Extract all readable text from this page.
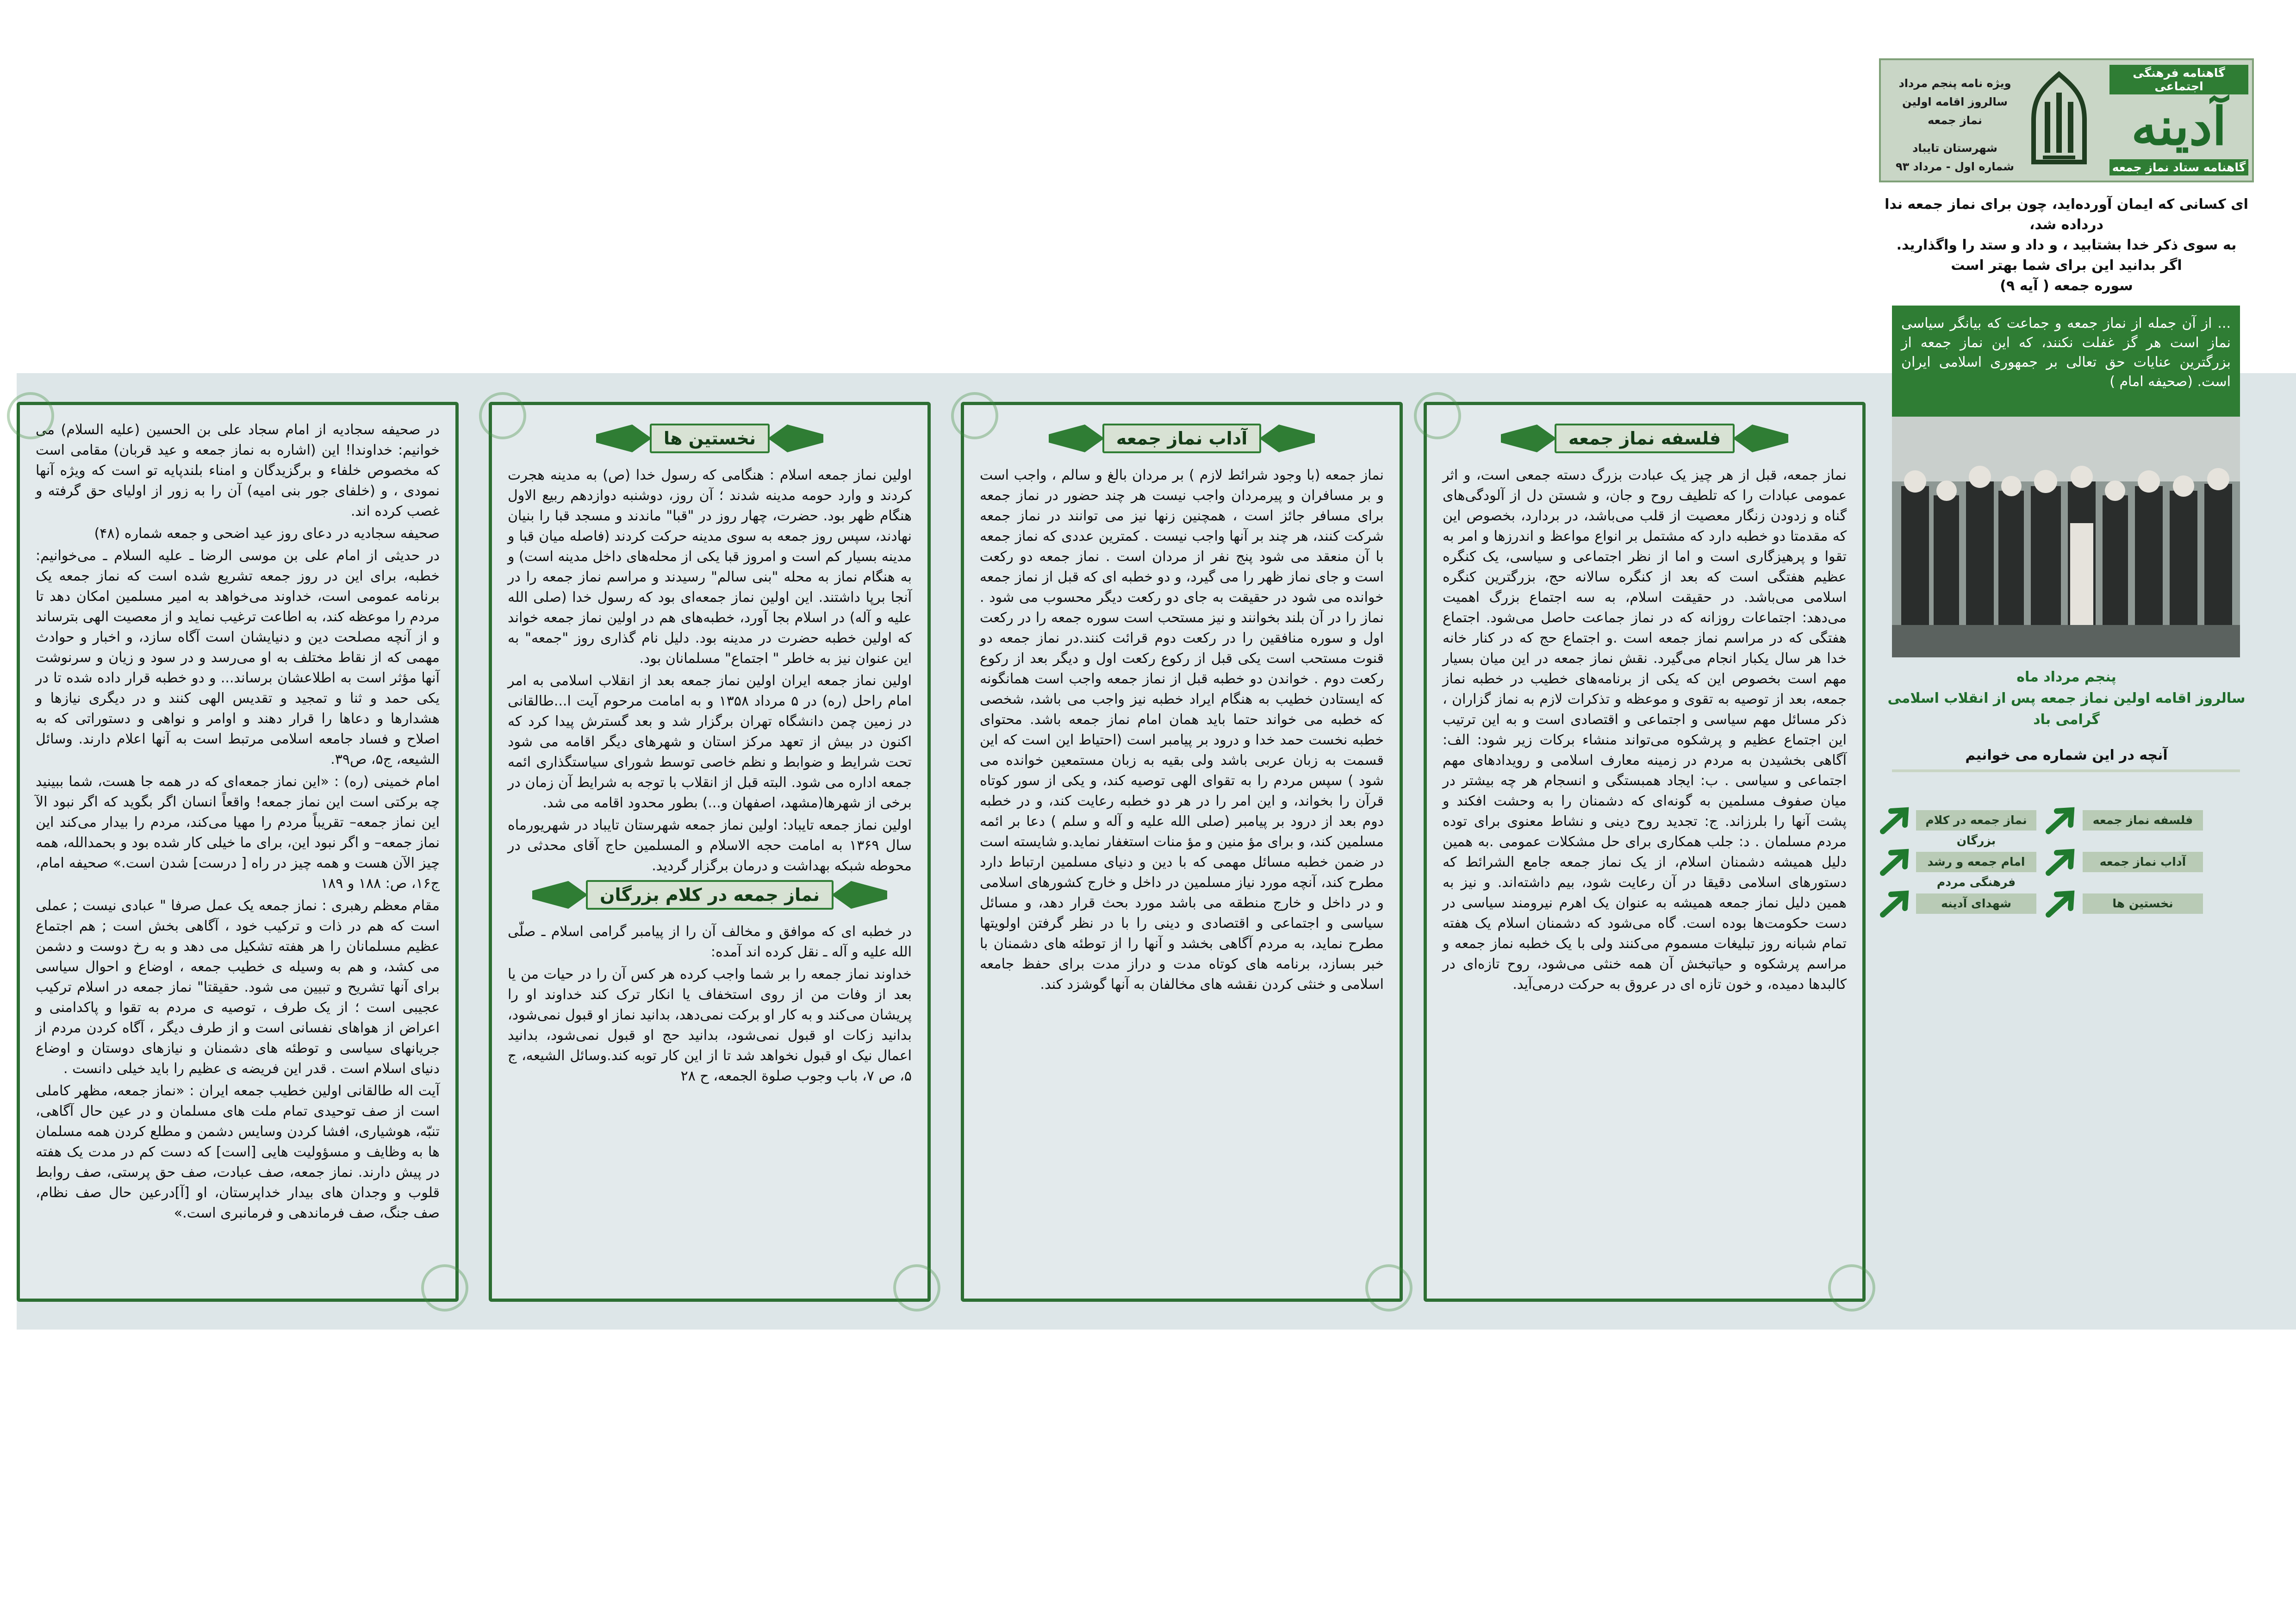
در صحیفه سجادیه از امام سجاد علی بن الحسین (علیه السلام) می خوانیم: خداوندا! این (اشاره به نماز جمعه و عید قربان) مقامی است که مخصوص خلفاء و برگزیدگان و امناء بلندپایه تو است که ویژه آنها نمودی ، و (خلفای جور بنی امیه) آن را به زور از اولیای حق گرفته و غصب کرده اند.

صحیفه سجادیه در دعای روز عید اضحی و جمعه شماره (۴۸)

در حدیثی از امام علی بن موسی الرضا ـ علیه السلام ـ می‌خوانیم: خطبه، برای این در روز جمعه تشریع شده است که نماز جمعه یک برنامه عمومی است، خداوند می‌خواهد به امیر مسلمین امکان دهد تا مردم را موعظه کند، به اطاعت ترغیب نماید و از معصیت الهی بترساند و از آنچه مصلحت دین و دنیایشان است آگاه سازد، و اخبار و حوادث مهمی که از نقاط مختلف به او می‌رسد و در سود و زیان و سرنوشت آنها مؤثر است به اطلاعشان برساند... و دو خطبه قرار داده شده تا در یکی حمد و ثنا و تمجید و تقدیس الهی کنند و در دیگری نیازها و هشدارها و دعاها را قرار دهند و اوامر و نواهی و دستوراتی که به اصلاح و فساد جامعه اسلامی مرتبط است به آنها اعلام دارند. وسائل الشیعه، ج۵، ص۳۹.

امام خمینی (ره) : «این نماز جمعه‌ای که در همه جا هست، شما ببینید چه برکتی است این نماز جمعه! واقعاً انسان اگر بگوید که اگر نبود الآ این نماز جمعه– تقریباً مردم را مهیا می‌کند، مردم را بیدار می‌کند این نماز جمعه– و اگر نبود این، برای ما خیلی کار شده بود و بحمدالله، همه چیز الآن هست و همه چیز در راه [ درست] شدن است.» صحیفه امام، ج۱۶، ص: ۱۸۸ و ۱۸۹

مقام معظم رهبری : نماز جمعه یک عمل صرفا " عبادی نیست ; عملی است که هم در ذات و ترکیب خود ، آگاهی بخش است ; هم اجتماع عظیم مسلمانان را هر هفته تشکیل می دهد و به رخ دوست و دشمن می کشد، و هم به وسیله ی خطیب جمعه ، اوضاع و احوال سیاسی برای آنها تشریح و تبیین می شود. حقیقتا" نماز جمعه در اسلام ترکیب عجیبی است ؛ از یک طرف ، توصیه ی مردم به تقوا و پاکدامنی و اعراض از هواهای نفسانی است و از طرف دیگر ، آگاه کردن مردم از جریانهای سیاسی و توطئه های دشمنان و نیازهای دوستان و اوضاع دنیای اسلام است . قدر این فریضه ی عظیم را باید خیلی دانست .

آیت اله طالقانی اولین خطیب جمعه ایران : «نماز جمعه، مظهر کاملی است از صف توحیدی تمام ملت های مسلمان و در عین حال آگاهی، تنبّه، هوشیاری، افشا کردن وسایس دشمن و مطلع کردن همه مسلمان ها به وظایف و مسؤولیت هایی [است] که دست کم در مدت یک هفته در پیش دارند. نماز جمعه، صف عبادت، صف حق پرستی، صف روابط قلوب و وجدان های بیدار خداپرستان، او [آ]درعین حال صف نظام، صف جنگ، صف فرماندهی و فرمانبری است.»

نخستین ها

اولین نماز جمعه اسلام : هنگامی که رسول خدا (ص) به مدینه هجرت کردند و وارد حومه مدینه شدند ؛ آن روز، دوشنبه دوازدهم ربیع الاول هنگام ظهر بود. حضرت، چهار روز در "قبا" ماندند و مسجد قبا را بنیان نهادند، سپس روز جمعه به سوی مدینه حرکت کردند (فاصله میان قبا و مدینه بسیار کم است و امروز قبا یکی از محله‌های داخل مدینه است) و به هنگام نماز به محله "بنی سالم" رسیدند و مراسم نماز جمعه را در آنجا برپا داشتند. این اولین نماز جمعه‌ای بود که رسول خدا (صلی الله علیه و آله) در اسلام بجا آورد، خطبه‌های هم در اولین نماز جمعه خواند که اولین خطبه حضرت در مدینه بود. دلیل نام گذاری روز "جمعه" به این عنوان نیز به خاطر " اجتماع" مسلمانان بود.

اولین نماز جمعه ایران اولین نماز جمعه بعد از انقلاب اسلامی به امر امام راحل (ره) در ۵ مرداد ۱۳۵۸ و به امامت مرحوم آیت ا...طالقانی در زمین چمن دانشگاه تهران برگزار شد و بعد گسترش پیدا کرد که اکنون در بیش از تعهد مرکز استان و شهرهای دیگر اقامه می شود تحت شرایط و ضوابط و نظم خاصی توسط شورای سیاستگذاری ائمه جمعه اداره می شود. البته قبل از انقلاب با توجه به شرایط آن زمان در برخی از شهرها(مشهد، اصفهان و...) بطور محدود اقامه می شد.

اولین نماز جمعه تایباد: اولین نماز جمعه شهرستان تایباد در شهریورماه سال ۱۳۶۹ به امامت حجه الاسلام و المسلمین حاج آقای محدثی در محوطه شبکه بهداشت و درمان برگزار گردید.

نماز جمعه در کلام بزرگان

در خطبه ای که موافق و مخالف آن را از پیامبر گرامی اسلام ـ صلّی الله علیه و آله ـ نقل کرده اند آمده:

خداوند نماز جمعه را بر شما واجب کرده هر کس آن را در حیات من یا بعد از وفات من از روی استخفاف یا انکار ترک کند خداوند او را پریشان می‌کند و به کار او برکت نمی‌دهد، بدانید نماز او قبول نمی‌شود، بدانید زکات او قبول نمی‌شود، بدانید حج او قبول نمی‌شود، بدانید اعمال نیک او قبول نخواهد شد تا از این کار توبه کند.وسائل الشیعه، ج ۵، ص ۷، باب وجوب صلوة الجمعه، ح ۲۸

آداب نماز جمعه

نماز جمعه (با وجود شرائط لازم ) بر مردان بالغ و سالم ، واجب است و بر مسافران و پیرمردان واجب نیست هر چند حضور در نماز جمعه برای مسافر جائز است ، همچنین زنها نیز می توانند در نماز جمعه شرکت کنند، هر چند بر آنها واجب نیست . کمترین عددی که نماز جمعه با آن منعقد می شود پنج نفر از مردان است . نماز جمعه دو رکعت است و جای نماز ظهر را می گیرد، و دو خطبه ای که قبل از نماز جمعه خوانده می شود در حقیقت به جای دو رکعت دیگر محسوب می شود . نماز را در آن بلند بخوانند و نیز مستحب است سوره جمعه را در رکعت اول و سوره منافقین را در رکعت دوم قرائت کنند.در نماز جمعه دو قنوت مستحب است یکی قبل از رکوع رکعت اول و دیگر بعد از رکوع رکعت دوم . خواندن دو خطبه قبل از نماز جمعه واجب است همانگونه که ایستادن خطیب به هنگام ایراد خطبه نیز واجب می باشد، شخصی که خطبه می خواند حتما باید همان امام نماز جمعه باشد. محتوای خطبه نخست حمد خدا و درود بر پیامبر است (احتیاط این است که این قسمت به زبان عربی باشد ولی بقیه به زبان مستمعین خوانده می شود ) سپس مردم را به تقوای الهی توصیه کند، و یکی از سور کوتاه قرآن را بخواند، و این امر را در هر دو خطبه رعایت کند، و در خطبه دوم بعد از درود بر پیامبر (صلی الله علیه و آله و سلم ) دعا بر ائمه مسلمین کند، و برای مؤ منین و مؤ منات استغفار نماید.و شایسته است در ضمن خطبه مسائل مهمی که با دین و دنیای مسلمین ارتباط دارد مطرح کند، آنچه مورد نیاز مسلمین در داخل و خارج کشورهای اسلامی و در داخل و خارج منطقه می باشد مورد بحث قرار دهد، و مسائل سیاسی و اجتماعی و اقتصادی و دینی را با در نظر گرفتن اولویتها مطرح نماید، به مردم آگاهی بخشد و آنها را از توطئه های دشمنان با خبر بسازد، برنامه های کوتاه مدت و دراز مدت برای حفظ جامعه اسلامی و خنثی کردن نقشه های مخالفان به آنها گوشزد کند.

فلسفه نماز جمعه

نماز جمعه، قبل از هر چیز یک عبادت بزرگ دسته جمعی است، و اثر عمومی عبادات را که تلطیف روح و جان، و شستن دل از آلودگی‌های گناه و زدودن زنگار معصیت از قلب می‌باشد، در بردارد، بخصوص این که مقدمتا دو خطبه دارد که مشتمل بر انواع مواعظ و اندرزها و امر به تقوا و پرهیزگاری است و اما از نظر اجتماعی و سیاسی، یک کنگره عظیم هفتگی است که بعد از کنگره سالانه حج، بزرگترین کنگره اسلامی می‌باشد. در حقیقت اسلام، به سه اجتماع بزرگ اهمیت می‌دهد: اجتماعات روزانه که در نماز جماعت حاصل می‌شود. اجتماع هفتگی که در مراسم نماز جمعه است .و اجتماع حج که در کنار خانه خدا هر سال یکبار انجام می‌گیرد. نقش نماز جمعه در این میان بسیار مهم است بخصوص این که یکی از برنامه‌های خطیب در خطبه نماز جمعه، بعد از توصیه به تقوی و موعظه و تذکرات لازم به نماز گزاران ، ذکر مسائل مهم سیاسی و اجتماعی و اقتصادی است و به این ترتیب این اجتماع عظیم و پرشکوه می‌تواند منشاء برکات زیر شود: الف: آگاهی بخشیدن به مردم در زمینه معارف اسلامی و رویدادهای مهم اجتماعی و سیاسی . ب: ایجاد همبستگی و انسجام هر چه بیشتر در میان صفوف مسلمین به گونه‌ای که دشمنان را به وحشت افکند و پشت آنها را بلرزاند. ج: تجدید روح دینی و نشاط معنوی برای توده مردم مسلمان . د: جلب همکاری برای حل مشکلات عمومی .به همین دلیل همیشه دشمنان اسلام، از یک نماز جمعه جامع الشرائط که دستورهای اسلامی دقیقا در آن رعایت شود، بیم داشته‌اند. و نیز به همین دلیل نماز جمعه همیشه به عنوان یک اهرم نیرومند سیاسی در دست حکومت‌ها بوده است. گاه می‌شود که دشمنان اسلام یک هفته تمام شبانه روز تبلیغات مسموم می‌کنند ولی با یک خطبه نماز جمعه و مراسم پرشکوه و حیاتبخش آن همه خنثی می‌شود، روح تازه‌ای در کالبدها دمیده، و خون تازه ای در عروق به حرکت درمی‌آید.

گاهنامه فرهنگی اجتماعی
آدینه
گاهنامه ستاد نماز جمعه
ویژه نامه پنجم مرداد
سالروز اقامه اولین نماز جمعه
شهرستان تایباد
شماره اول - مرداد ۹۳
ای کسانی که ایمان آورده‌اید، چون برای نماز جمعه ندا درداده شد،
به سوی ذکر خدا بشتابید ، و داد و ستد را واگذارید.
اگر بدانید این برای شما بهتر است
سوره جمعه ( آیه ۹)
... از آن جمله از نماز جمعه و جماعت که بیانگر سیاسی نماز است هر گز غفلت نکنند، که این نماز جمعه از بزرگترین عنایات حق تعالی بر جمهوری اسلامی ایران است. (صحیفه امام )
پنجم مرداد ماه
سالروز اقامه اولین نماز جمعه پس از انقلاب اسلامی گرامی باد
آنچه در این شماره می خوانیم
فلسفه نماز جمعه
آداب نماز جمعه
نخستین ها
نماز جمعه در کلام بزرگان
امام جمعه و رشد فرهنگی مردم
شهدای آدینه
